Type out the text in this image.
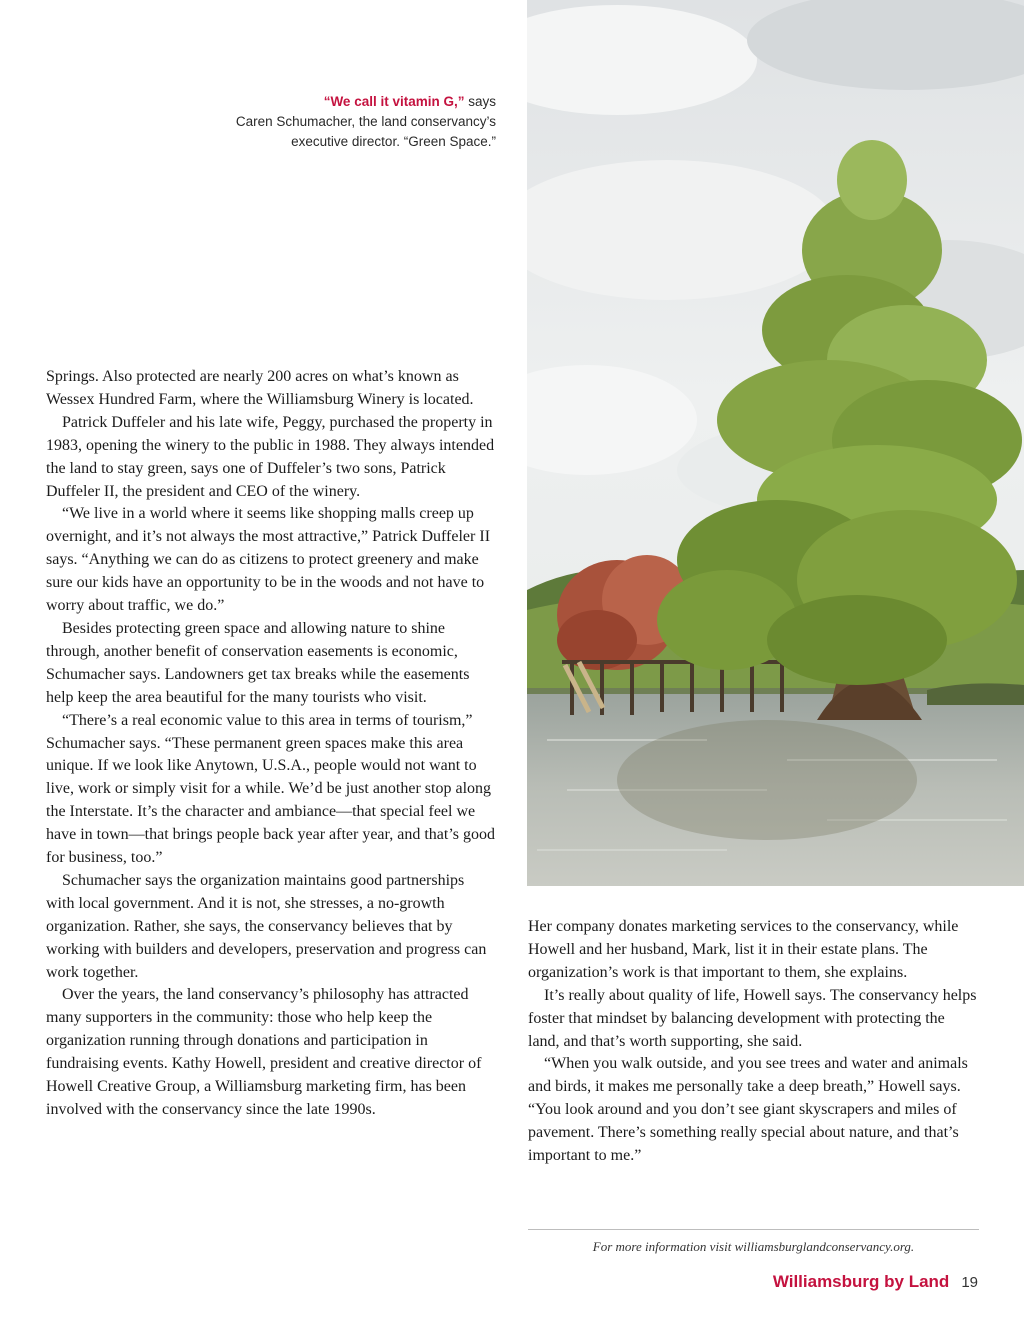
“We call it vitamin G,” says
Caren Schumacher, the land conservancy’s
executive director. “Green Space.”

Springs. Also protected are nearly 200 acres on what’s known as Wessex Hundred Farm, where the Williamsburg Winery is located.

Patrick Duffeler and his late wife, Peggy, purchased the property in 1983, opening the winery to the public in 1988. They always intended the land to stay green, says one of Duffeler’s two sons, Patrick Duffeler II, the president and CEO of the winery.

“We live in a world where it seems like shopping malls creep up overnight, and it’s not always the most attractive,” Patrick Duffeler II says. “Anything we can do as citizens to protect greenery and make sure our kids have an opportunity to be in the woods and not have to worry about traffic, we do.”

Besides protecting green space and allowing nature to shine through, another benefit of conservation easements is economic, Schumacher says. Landowners get tax breaks while the easements help keep the area beautiful for the many tourists who visit.

“There’s a real economic value to this area in terms of tourism,” Schumacher says. “These permanent green spaces make this area unique. If we look like Anytown, U.S.A., people would not want to live, work or simply visit for a while. We’d be just another stop along the Interstate. It’s the character and ambiance—that special feel we have in town—that brings people back year after year, and that’s good for business, too.”

Schumacher says the organization maintains good partnerships with local government. And it is not, she stresses, a no-growth organization. Rather, she says, the conservancy believes that by working with builders and developers, preservation and progress can work together.

Over the years, the land conservancy’s philosophy has attracted many supporters in the community: those who help keep the organization running through donations and participation in fundraising events. Kathy Howell, president and creative director of Howell Creative Group, a Williamsburg marketing firm, has been involved with the conservancy since the late 1990s.

Her company donates marketing services to the conservancy, while Howell and her husband, Mark, list it in their estate plans. The organization’s work is that important to them, she explains.

It’s really about quality of life, Howell says. The conservancy helps foster that mindset by balancing development with protecting the land, and that’s worth supporting, she said.

“When you walk outside, and you see trees and water and animals and birds, it makes me personally take a deep breath,” Howell says. “You look around and you don’t see giant skyscrapers and miles of pavement. There’s something really special about nature, and that’s important to me.”

For more information visit williamsburglandconservancy.org.
Williamsburg by Land 19
